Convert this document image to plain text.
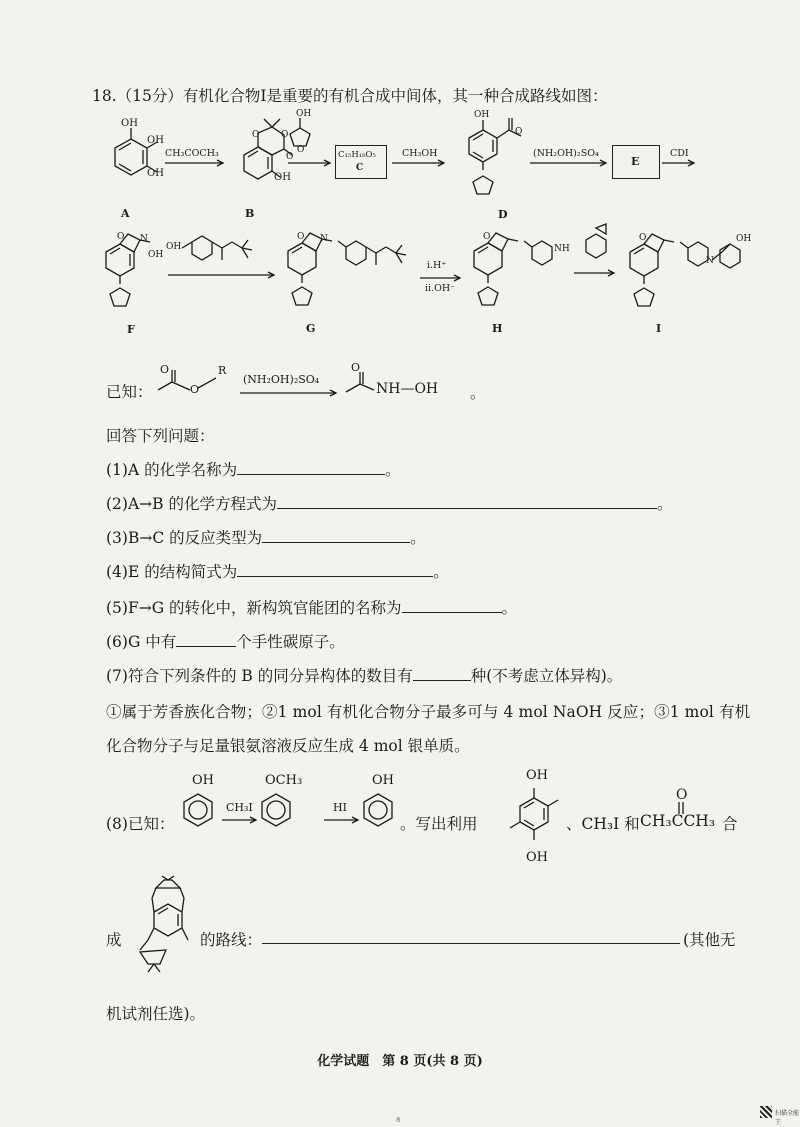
18.（15分）有机化合物Ⅰ是重要的有机合成中间体，其一种合成路线如图：
OH
OH
OH
A
CH₃COCH₃
O O
O
OH
B
OH
O	C₁₅H₁₈O₅
C
CH₃OH
OH
O
D
(NH₂OH)₂SO₄
E
CDI
O N
OH
F
OH
O N
G
i.H⁺
ii.OH⁻
O
NH
H
O
N
OH
I
已知：
O
O
R
(NH₂OH)₂SO₄
O
NH—OH 。
回答下列问题：
(1)A 的化学名称为	。
(2)A→B 的化学方程式为	。
(3)B→C 的反应类型为	。
(4)E 的结构简式为	。
(5)F→G 的转化中，新构筑官能团的名称为	。
(6)G 中有	个手性碳原子。
(7)符合下列条件的 B 的同分异构体的数目有	种(不考虑立体异构)。
①属于芳香族化合物；②1 mol 有机化合物分子最多可与 4 mol NaOH 反应；③1 mol 有机
化合物分子与足量银氨溶液反应生成 4 mol 银单质。
(8)已知：
OH
CH₃I
OCH₃
HI
OH
。写出利用
OH
OH
、CH₃I 和
O
CH₃CCH₃ 合
成	的路线：	(其他无
机试剂任选)。
化学试题　第 8 页(共 8 页)
8
扫描全能王
